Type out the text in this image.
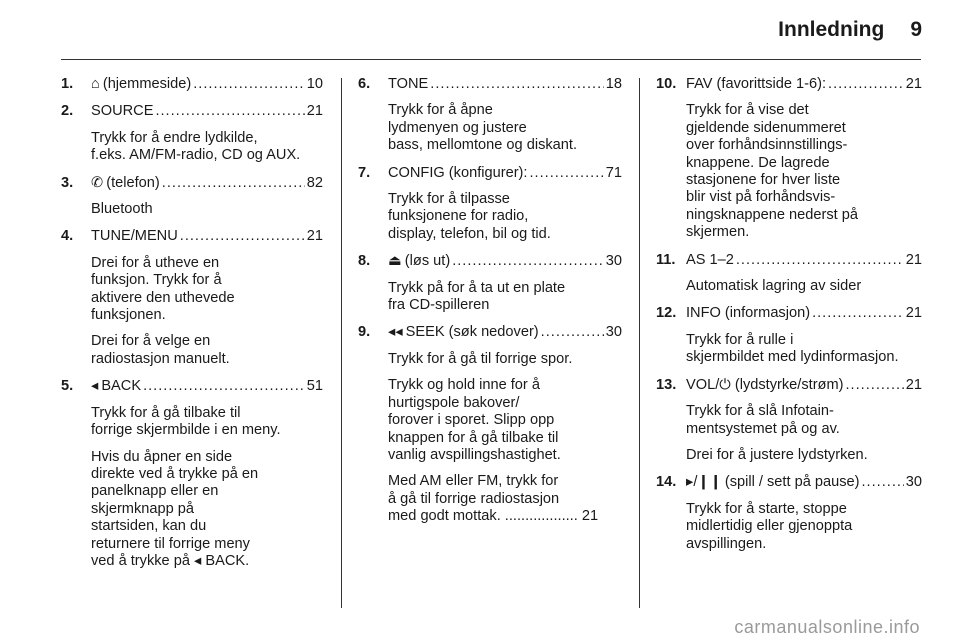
Innledning 9
1.	⌂ (hjemmeside) .....	10
2.	SOURCE .....	21
Trykk for å endre lydkilde,
f.eks. AM/FM-radio, CD og AUX.
3.	✆ (telefon) .....	82
Bluetooth
4.	TUNE/MENU .....	21
Drei for å utheve en
funksjon. Trykk for å
aktivere den uthevede
funksjonen.
Drei for å velge en
radiostasjon manuelt.
5.	◂ BACK .....	51
Trykk for å gå tilbake til
forrige skjermbilde i en meny.
Hvis du åpner en side
direkte ved å trykke på en
panelknapp eller en
skjermknapp på
startsiden, kan du
returnere til forrige meny
ved å trykke på ◂ BACK.
6.	TONE .....	18
Trykk for å åpne
lydmenyen og justere
bass, mellomtone og diskant.
7.	CONFIG (konfigurer): .....	71
Trykk for å tilpasse
funksjonene for radio,
display, telefon, bil og tid.
8.	⏏ (løs ut) .....	30
Trykk på for å ta ut en plate
fra CD-spilleren
9.	◂◂ SEEK (søk nedover) .....	30
Trykk for å gå til forrige spor.
Trykk og hold inne for å
hurtigspole bakover/
forover i sporet. Slipp opp
knappen for å gå tilbake til
vanlig avspillingshastighet.
Med AM eller FM, trykk for
å gå til forrige radiostasjon
med godt mottak. .................. 21
10. FAV (favorittside 1-6): .....	21
Trykk for å vise det
gjeldende sidenummeret
over forhåndsinnstillings-
knappene. De lagrede
stasjonene for hver liste
blir vist på forhåndsvis-
ningsknappene nederst på
skjermen.
11. AS 1–2 .....	21
Automatisk lagring av sider
12. INFO (informasjon) .....	21
Trykk for å rulle i
skjermbildet med lydinformasjon.
13. VOL/⏻ (lydstyrke/strøm) .....	21
Trykk for å slå Infotain-
mentsystemet på og av.
Drei for å justere lydstyrken.
14. ▸/❙❙ (spill / sett på pause) .....	30
Trykk for å starte, stoppe
midlertidig eller gjenoppta
avspillingen.
carmanualsonline.info
